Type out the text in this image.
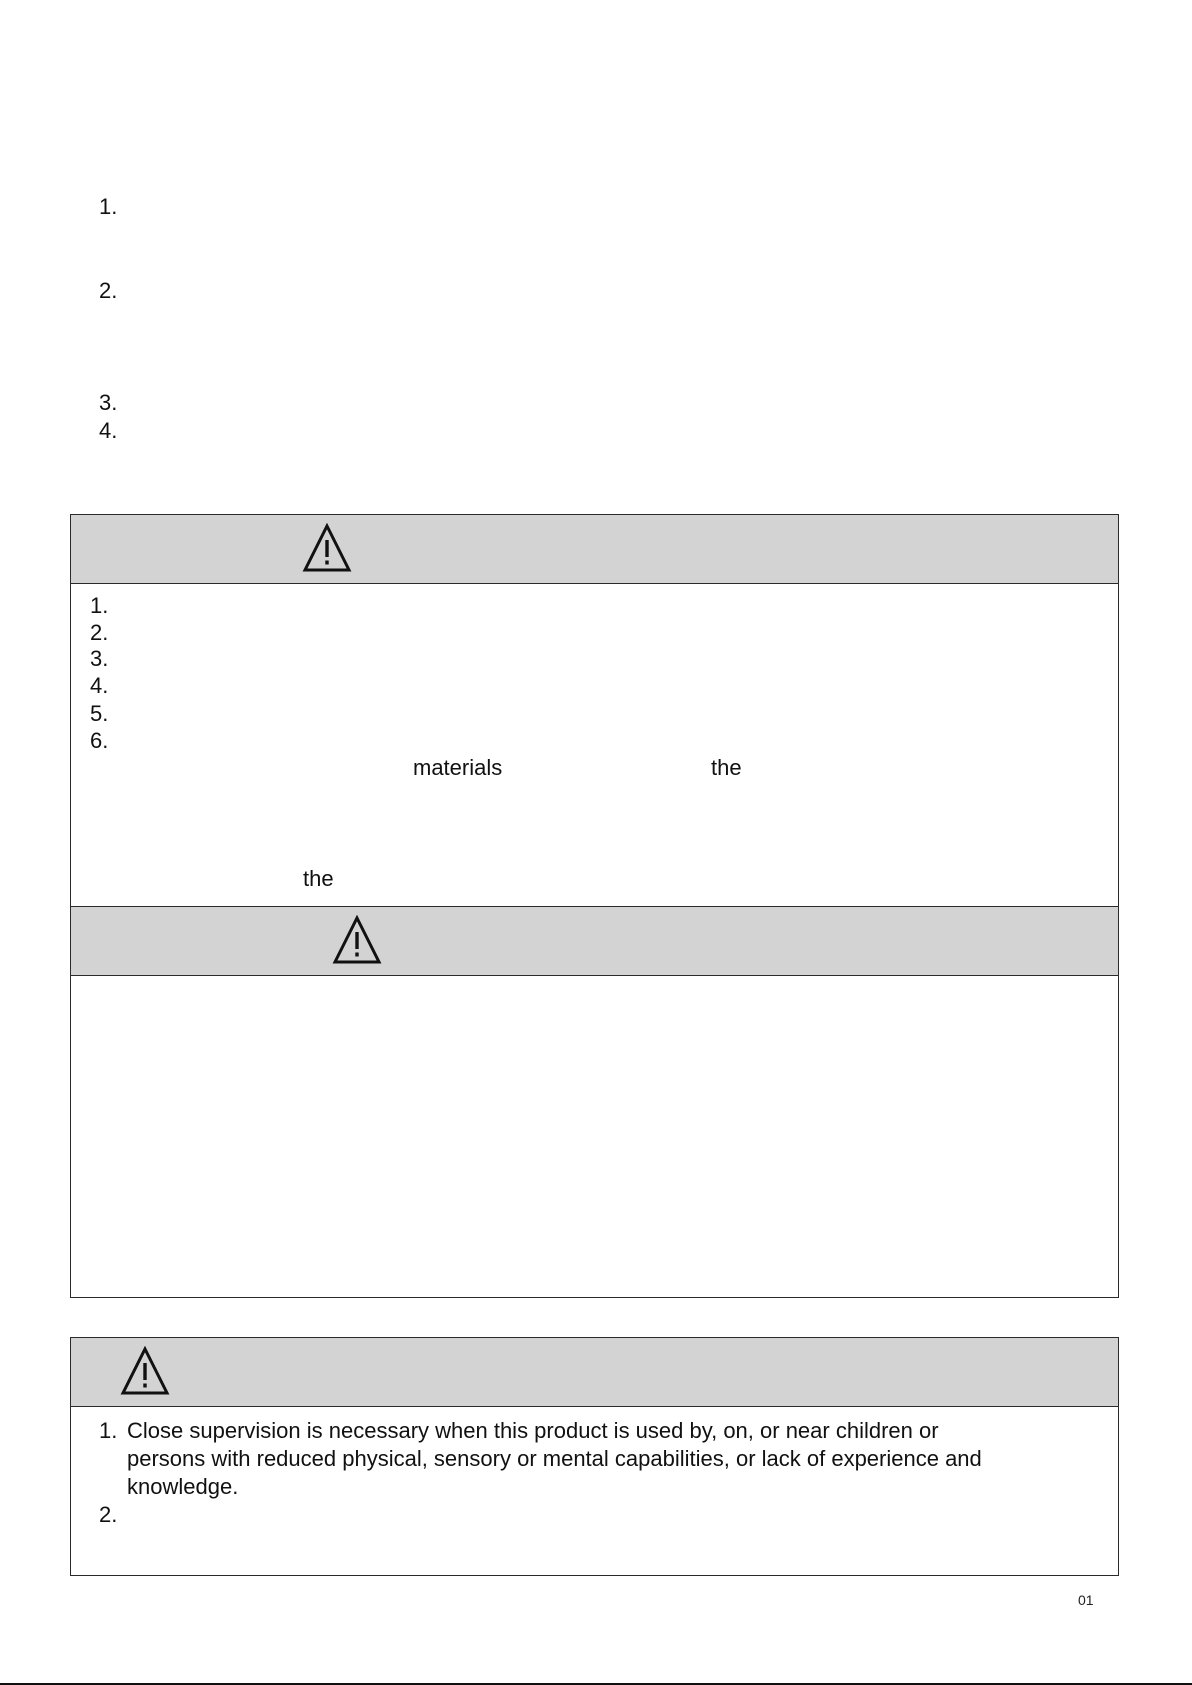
1.
2.
3.
4.
1.
2.
3.
4.
5.
6.
materials	the
the
1. Close supervision is necessary when this product is used by, on, or near children or
persons with reduced physical, sensory or mental capabilities, or lack of experience and
knowledge.
2.
01
